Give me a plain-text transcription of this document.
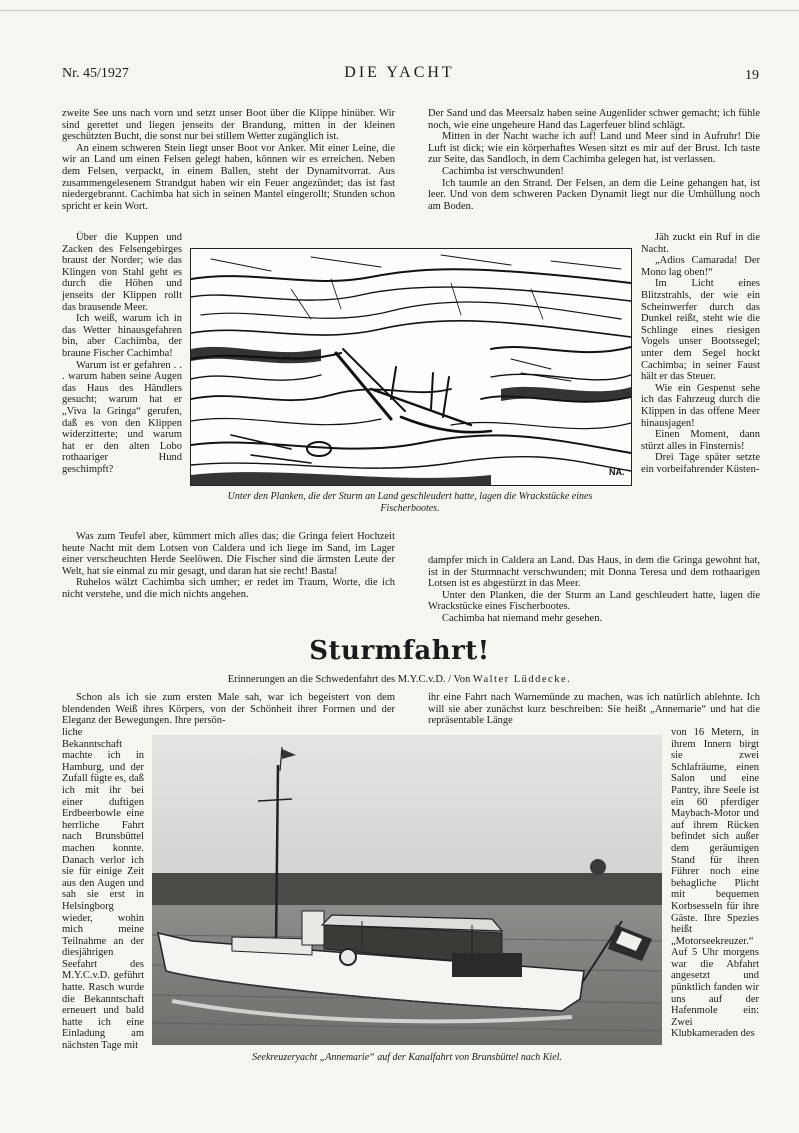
Nr. 45/1927	DIE YACHT	19

zweite See uns nach vorn und setzt unser Boot über die Klippe hinüber. Wir sind gerettet und liegen jenseits der Brandung, mitten in der kleinen geschützten Bucht, die sonst nur bei stillem Wetter zugänglich ist.

An einem schweren Stein liegt unser Boot vor Anker. Mit einer Leine, die wir an Land um einen Felsen gelegt haben, können wir es erreichen. Neben dem Felsen, verpackt, in einem Ballen, steht der Dynamitvorrat. Aus zusammengelesenem Strandgut haben wir ein Feuer angezündet; das ist fast niedergebrannt. Cachimba hat sich in seinen Mantel eingerollt; Stunden schon spricht er kein Wort.

Über die Kuppen und Zacken des Felsengebirges braust der Norder; wie das Klingen von Stahl geht es durch die Höhen und jenseits der Klippen rollt das brausende Meer.

Ich weiß, warum ich in das Wetter hinausgefahren bin, aber Cachimba, der braune Fischer Cachimba!

Warum ist er gefahren . . . warum haben seine Augen das Haus des Händlers gesucht; warum hat er „Viva la Gringa“ gerufen, daß es von den Klippen widerzitterte; und warum hat er den alten Lobo rothaariger Hund geschimpft?

Was zum Teufel aber, kümmert mich alles das; die Gringa feiert Hochzeit heute Nacht mit dem Lotsen von Caldera und ich liege im Sand, im Lager einer verscheuchten Herde Seelöwen. Die Fischer sind die ärmsten Leute der Welt, hat sie einmal zu mir gesagt, und daran hat sie recht! Basta!

Ruhelos wälzt Cachimba sich umher; er redet im Traum, Worte, die ich nicht verstehe, und die mich nichts angehen.

Der Sand und das Meersalz haben seine Augenlider schwer gemacht; ich fühle noch, wie eine ungeheure Hand das Lagerfeuer blind schlägt.

Mitten in der Nacht wache ich auf! Land und Meer sind in Aufruhr! Die Luft ist dick; wie ein körperhaftes Wesen sitzt es mir auf der Brust. Ich taste zur Seite, das Sandloch, in dem Cachimba gelegen hat, ist verlassen.

Cachimba ist verschwunden!

Ich taumle an den Strand. Der Felsen, an dem die Leine gehangen hat, ist leer. Und von dem schweren Packen Dynamit liegt nur die Umhüllung noch am Boden.

Jäh zuckt ein Ruf in die Nacht.

„Adios Camarada! Der Mono lag oben!“

Im Licht eines Blitzstrahls, der wie ein Scheinwerfer durch das Dunkel reißt, steht wie die Schlinge eines riesigen Vogels unser Bootssegel; unter dem Segel hockt Cachimba; in seiner Faust hält er das Steuer.

Wie ein Gespenst sehe ich das Fahrzeug durch die Klippen in das offene Meer hinausjagen!

Einen Moment, dann stürzt alles in Finsternis!

Drei Tage später setzte ein vorbeifahrender Küsten-

dampfer mich in Caldera an Land. Das Haus, in dem die Gringa gewohnt hat, ist in der Sturmnacht verschwunden; mit Donna Teresa und dem rothaarigen Lotsen ist es abgestürzt in das Meer.

Unter den Planken, die der Sturm an Land geschleudert hatte, lagen die Wrackstücke eines Fischerbootes.

Cachimba hat niemand mehr gesehen.

NA.
Unter den Planken, die der Sturm an Land geschleudert hatte, lagen die Wrackstücke eines Fischerbootes.
Sturmfahrt!
Erinnerungen an die Schwedenfahrt des M.Y.C.v.D. / Von Walter Lüddecke.

Schon als ich sie zum ersten Male sah, war ich begeistert von dem blendenden Weiß ihres Körpers, von der Schönheit ihrer Formen und der Eleganz der Bewegungen. Ihre persön-

liche Bekanntschaft machte ich in Hamburg, und der Zufall fügte es, daß ich mit ihr bei einer duftigen Erdbeerbowle eine herrliche Fahrt nach Brunsbüttel machen konnte. Danach verlor ich sie für einige Zeit aus den Augen und sah sie erst in Helsingborg wieder, wohin mich meine Teilnahme an der diesjährigen Seefahrt des M.Y.C.v.D. geführt hatte. Rasch wurde die Bekanntschaft erneuert und bald hatte ich eine Einladung am nächsten Tage mit

ihr eine Fahrt nach Warnemünde zu machen, was ich natürlich ablehnte. Ich will sie aber zunächst kurz beschreiben: Sie heißt „Annemarie“ und hat die repräsentable Länge

von 16 Metern, in ihrem Innern birgt sie zwei Schlafräume, einen Salon und eine Pantry, ihre Seele ist ein 60 pferdiger Maybach-Motor und auf ihrem Rücken befindet sich außer dem geräumigen Stand für ihren Führer noch eine behagliche Plicht mit bequemen Korbsesseln für ihre Gäste. Ihre Spezies heißt „Motorseekreuzer.“ Auf 5 Uhr morgens war die Abfahrt angesetzt und pünktlich fanden wir uns auf der Hafenmole ein: Zwei Klubkameraden des

Seekreuzeryacht „Annemarie“ auf der Kanalfahrt von Brunsbüttel nach Kiel.
